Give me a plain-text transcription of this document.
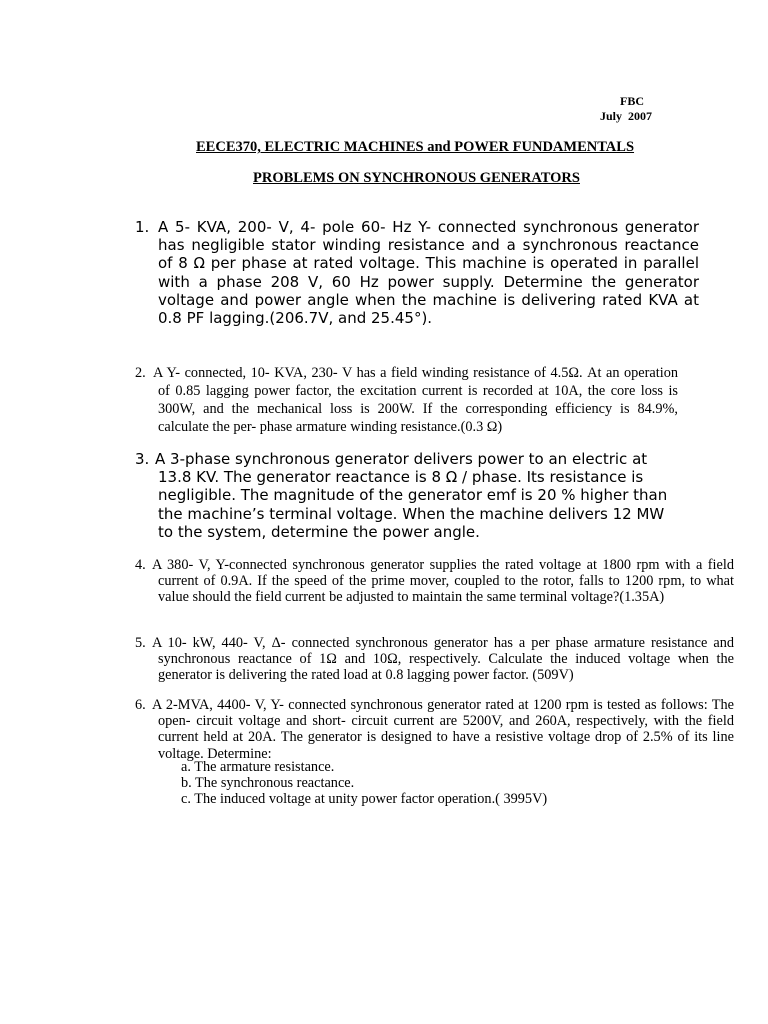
FBC
July  2007
EECE370, ELECTRIC MACHINES and POWER FUNDAMENTALS
PROBLEMS ON SYNCHRONOUS GENERATORS

1.A 5- KVA, 200- V, 4- pole 60- Hz Y- connected synchronous generator has negligible stator winding resistance and a synchronous reactance of 8 Ω per phase at rated voltage. This machine is operated in parallel with a phase 208 V, 60 Hz power supply. Determine the generator voltage and power angle when the machine is delivering rated KVA at 0.8 PF lagging.(206.7V, and 25.45°).

2.A Y- connected, 10- KVA, 230- V has a field winding resistance of 4.5Ω. At an operation of 0.85 lagging power factor, the excitation current is recorded at 10A, the core loss is 300W, and the mechanical loss is 200W. If the corresponding efficiency is 84.9%, calculate the per- phase armature winding resistance.(0.3 Ω)

3.A 3-phase synchronous generator delivers power to an electric at 13.8 KV. The generator reactance is 8 Ω / phase. Its resistance is negligible. The magnitude of the generator emf is 20 % higher than the machine’s terminal voltage. When the machine delivers 12 MW to the system, determine the power angle.

4.A 380- V, Y-connected synchronous generator supplies the rated voltage at 1800 rpm with a field current of 0.9A. If the speed of the prime mover, coupled to the rotor, falls to 1200 rpm, to what value should the field current be adjusted to maintain the same terminal voltage?(1.35A)

5.A 10- kW, 440- V, Δ- connected synchronous generator has a per phase armature resistance and synchronous reactance of 1Ω and 10Ω, respectively. Calculate the induced voltage when the generator is delivering the rated load at 0.8 lagging power factor. (509V)

6.A 2-MVA, 4400- V, Y- connected synchronous generator rated at 1200 rpm is tested as follows: The open- circuit voltage and short- circuit current are 5200V, and 260A, respectively, with the field current held at 20A. The generator is designed to have a resistive voltage drop of 2.5% of its line voltage. Determine:

a. The armature resistance.
b. The synchronous reactance.
c. The induced voltage at unity power factor operation.( 3995V)
